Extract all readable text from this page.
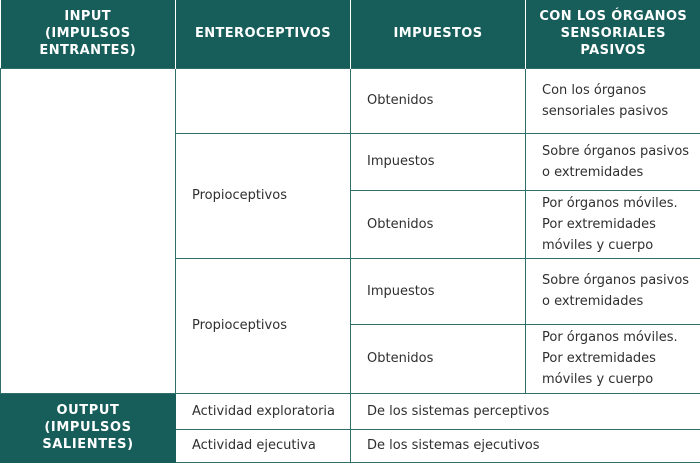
INPUT
(IMPULSOS
ENTRANTES)	ENTEROCEPTIVOS	IMPUESTOS	CON LOS ÓRGANOS
SENSORIALES
PASIVOS

		Obtenidos	Con los órganos
sensoriales pasivos

	Propioceptivos	Impuestos	Sobre órganos pasivos
o extremidades

		Obtenidos	Por órganos móviles.
Por extremidades
móviles y cuerpo

	Propioceptivos	Impuestos	Sobre órganos pasivos
o extremidades

		Obtenidos	Por órganos móviles.
Por extremidades
móviles y cuerpo

OUTPUT
(IMPULSOS
SALIENTES)	Actividad exploratoria	De los sistemas perceptivos	
	Actividad ejecutiva	De los sistemas ejecutivos	
